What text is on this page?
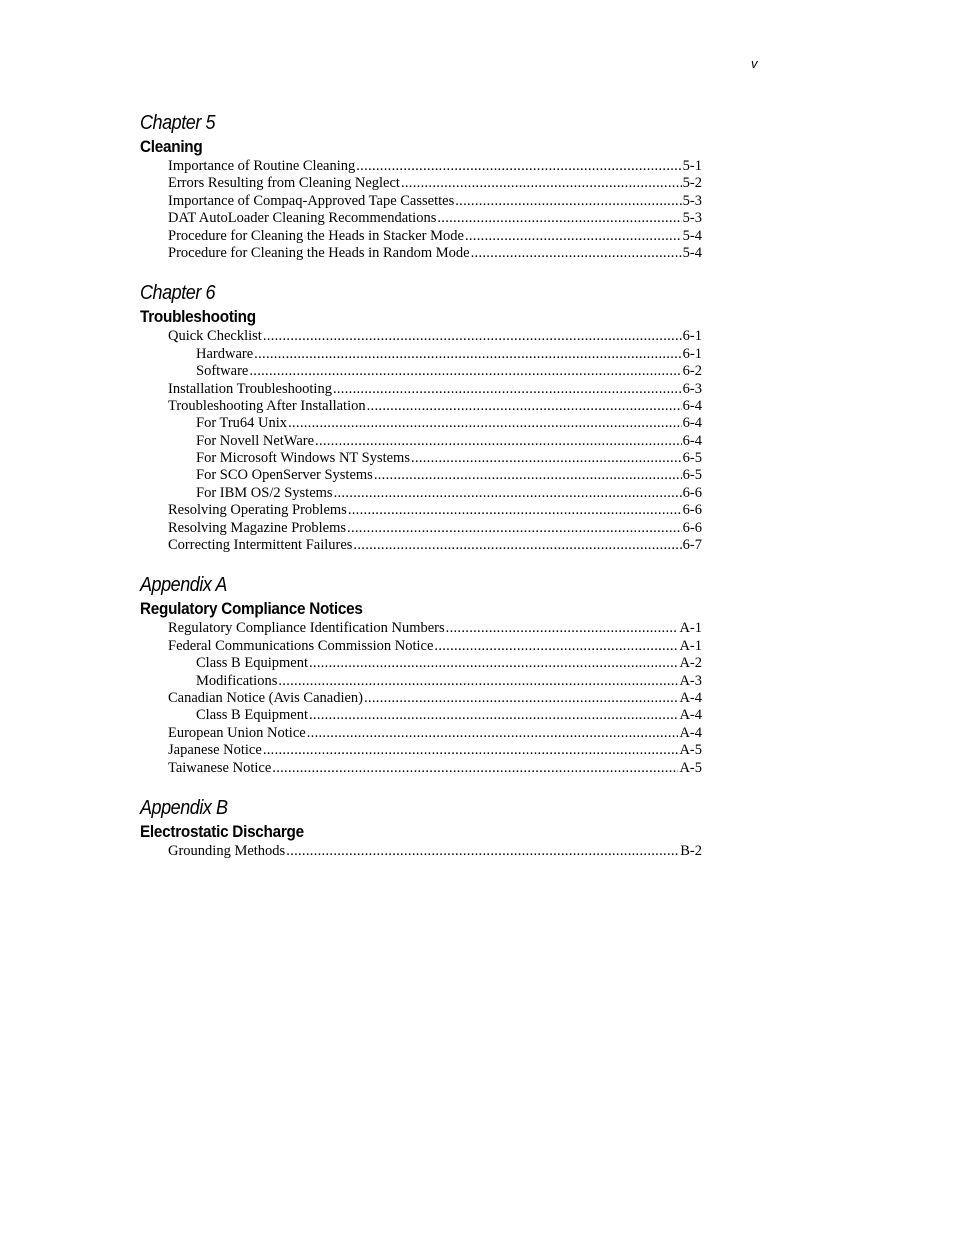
v
Chapter 5
Cleaning
Importance of Routine Cleaning .....	5-1
Errors Resulting from Cleaning Neglect .....	5-2
Importance of Compaq-Approved Tape Cassettes .....	5-3
DAT AutoLoader Cleaning Recommendations .....	5-3
Procedure for Cleaning the Heads in Stacker Mode .....	5-4
Procedure for Cleaning the Heads in Random Mode .....	5-4
Chapter 6
Troubleshooting
Quick Checklist .....	6-1
Hardware .....	6-1
Software .....	6-2
Installation Troubleshooting .....	6-3
Troubleshooting After Installation .....	6-4
For Tru64 Unix .....	6-4
For Novell NetWare .....	6-4
For Microsoft Windows NT Systems .....	6-5
For SCO OpenServer Systems .....	6-5
For IBM OS/2 Systems .....	6-6
Resolving Operating Problems .....	6-6
Resolving Magazine Problems .....	6-6
Correcting Intermittent Failures .....	6-7
Appendix A
Regulatory Compliance Notices
Regulatory Compliance Identification Numbers .....	A-1
Federal Communications Commission Notice .....	A-1
Class B Equipment .....	A-2
Modifications .....	A-3
Canadian Notice (Avis Canadien) .....	A-4
Class B Equipment .....	A-4
European Union Notice .....	A-4
Japanese Notice .....	A-5
Taiwanese Notice .....	A-5
Appendix B
Electrostatic Discharge
Grounding Methods .....	B-2
